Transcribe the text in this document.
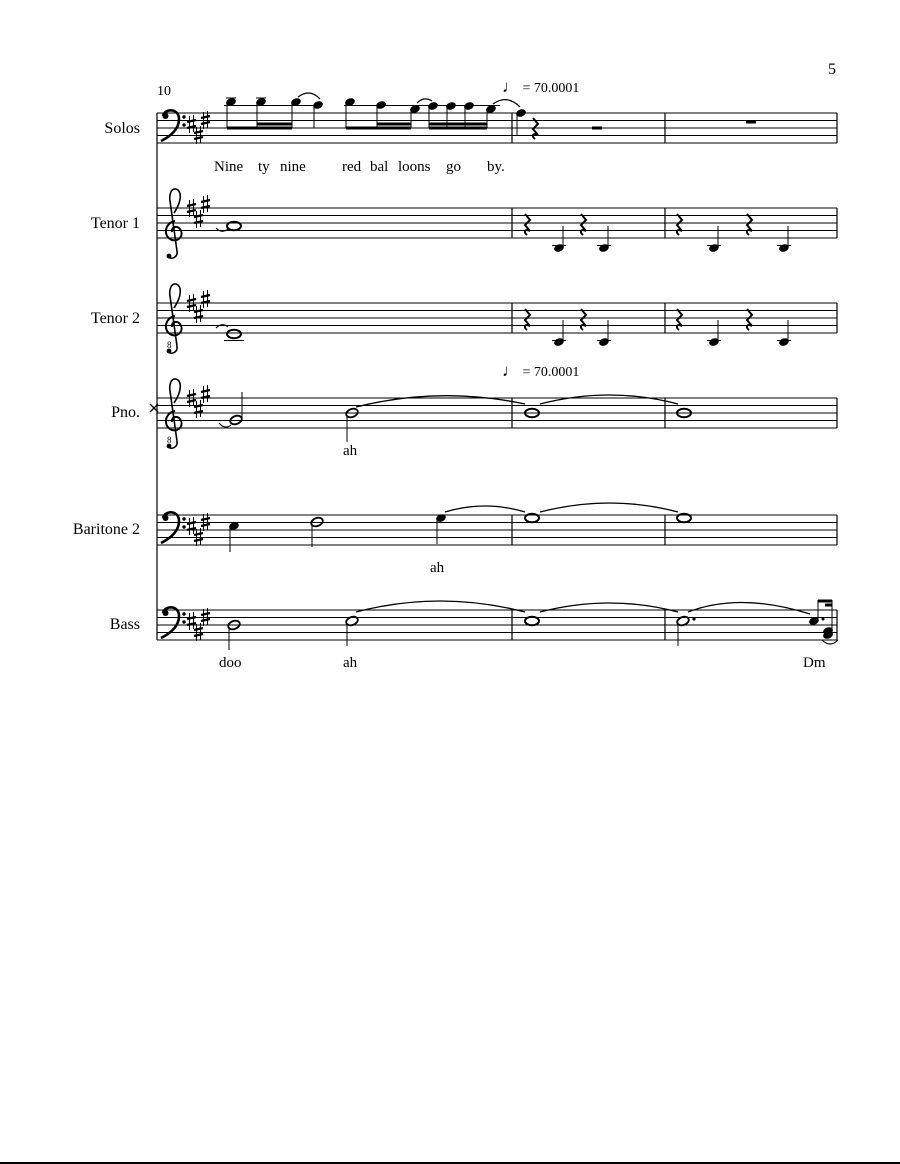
5
10	♩ = 70.0001
♩ = 70.0001
Solos
Tenor 1
Tenor 2
Pno.
Baritone 2
Bass
Nine ty nine red bal loons go by.
ah
ah
doo	ah	Dm
8
8
